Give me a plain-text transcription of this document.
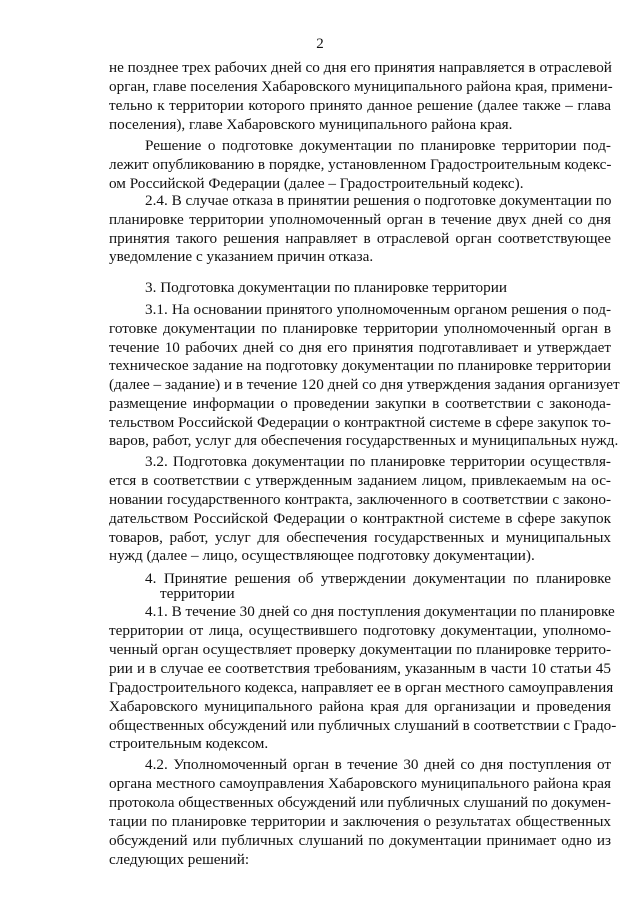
2
не позднее трех рабочих дней со дня его принятия направляется в отраслевой
орган, главе поселения Хабаровского муниципального района края, примени-
тельно к территории которого принято данное решение (далее также – глава
поселения), главе Хабаровского муниципального района края.
Решение о подготовке документации по планировке территории под-
лежит опубликованию в порядке, установленном Градостроительным кодекс-
ом Российской Федерации (далее – Градостроительный кодекс).
2.4. В случае отказа в принятии решения о подготовке документации по
планировке территории уполномоченный орган в течение двух дней со дня
принятия такого решения направляет в отраслевой орган соответствующее
уведомление с указанием причин отказа.
3. Подготовка документации по планировке территории
3.1. На основании принятого уполномоченным органом решения о под-
готовке документации по планировке территории уполномоченный орган в
течение 10 рабочих дней со дня его принятия подготавливает и утверждает
техническое задание на подготовку документации по планировке территории
(далее – задание) и в течение 120 дней со дня утверждения задания организует
размещение информации о проведении закупки в соответствии с законода-
тельством Российской Федерации о контрактной системе в сфере закупок то-
варов, работ, услуг для обеспечения государственных и муниципальных нужд.
3.2. Подготовка документации по планировке территории осуществля-
ется в соответствии с утвержденным заданием лицом, привлекаемым на ос-
новании государственного контракта, заключенного в соответствии с законо-
дательством Российской Федерации о контрактной системе в сфере закупок
товаров, работ, услуг для обеспечения государственных и муниципальных
нужд (далее – лицо, осуществляющее подготовку документации).
4. Принятие решения об утверждении документации по планировке
территории
4.1. В течение 30 дней со дня поступления документации по планировке
территории от лица, осуществившего подготовку документации, уполномо-
ченный орган осуществляет проверку документации по планировке террито-
рии и в случае ее соответствия требованиям, указанным в части 10 статьи 45
Градостроительного кодекса, направляет ее в орган местного самоуправления
Хабаровского муниципального района края для организации и проведения
общественных обсуждений или публичных слушаний в соответствии с Градо-
строительным кодексом.
4.2. Уполномоченный орган в течение 30 дней со дня поступления от
органа местного самоуправления Хабаровского муниципального района края
протокола общественных обсуждений или публичных слушаний по докумен-
тации по планировке территории и заключения о результатах общественных
обсуждений или публичных слушаний по документации принимает одно из
следующих решений:
